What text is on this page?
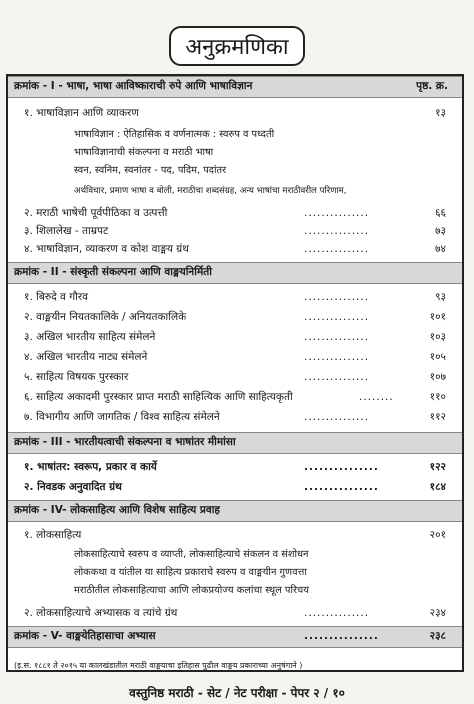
अनुक्रमणिका
क्रमांक - I - भाषा, भाषा आविष्काराची रुपे आणि भाषाविज्ञान	पृष्ठ. क्र.
१. भाषाविज्ञान आणि व्याकरण	१३
भाषाविज्ञान : ऐतिहासिक व वर्णनात्मक : स्वरुप व पध्दती
भाषाविज्ञानाची संकल्पना व मराठी भाषा
स्वन, स्वनिम, स्वनांतर - पद, पदिम, पदांतर
अर्थविचार, प्रमाण भाषा व बोली, मराठीचा शब्दसंग्रह, अन्य भाषांचा मराठीवरील परिणाम,
२. मराठी भाषेची पूर्वपीठिका व उत्पत्ती	...............	६६
३. शिलालेख - ताम्रपट	...............	७३
४. भाषाविज्ञान, व्याकरण व कोश वाङ्मय ग्रंथ	...............	७४
क्रमांक - II - संस्कृती संकल्पना आणि वाङ्मयनिर्मिती
१. बिरुदे व गौरव	...............	९३
२. वाङ्मयीन नियतकालिके / अनियतकालिके	...............	१०१
३. अखिल भारतीय साहित्य संमेलने	...............	१०३
४. अखिल भारतीय नाट्य संमेलने	...............	१०५
५. साहित्य विषयक पुरस्कार	...............	१०७
६. साहित्य अकादमी पुरस्कार प्राप्त मराठी साहित्यिक आणि साहित्यकृती	........	११०
७. विभागीय आणि जागतिक / विश्व साहित्य संमेलने	...............	११२
क्रमांक - III - भारतीयत्वाची संकल्पना व भाषांतर मीमांसा
१. भाषांतर: स्वरूप, प्रकार व कार्ये	...............	१२२
२. निवडक अनुवादित ग्रंथ	...............	१८४
क्रमांक - IV- लोकसाहित्य आणि विशेष साहित्य प्रवाह
१. लोकसाहित्य	२०१
लोकसाहित्याचे स्वरुप व व्याप्ती, लोकसाहित्याचे संकलन व संशोधन
लोककथा व यांतील या साहित्य प्रकाराचे स्वरुप व वाङ्मयीन गुणवत्ता
मराठीतील लोकसाहित्याचा आणि लोकप्रयोज्य कलांचा स्थूल परिचय
२. लोकसाहित्याचे अभ्यासक व त्यांचे ग्रंथ	...............	२३४
क्रमांक - V- वाङ्मयेतिहासाचा अभ्यास	...............	२३८
(इ.स. १८८१ ते २०१५ या कालखंडातील मराठी वाङ्मयाचा इतिहास पुढील वाङ्मय प्रकाराच्या अनुषंगाने )
वस्तुनिष्ठ मराठी - सेट / नेट परीक्षा - पेपर २ / १०
